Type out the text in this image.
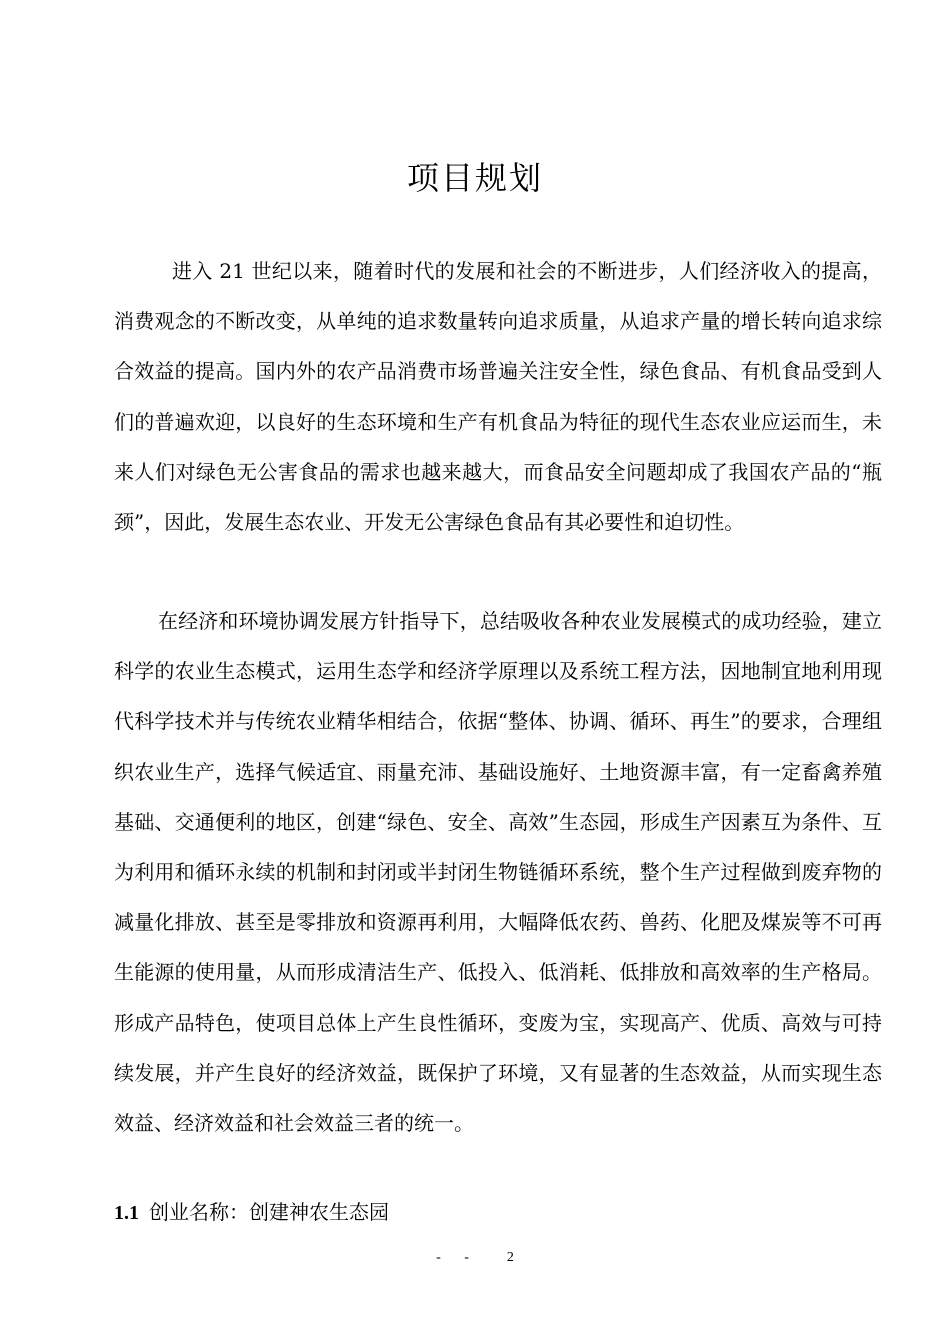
项目规划

进入 21 世纪以来，随着时代的发展和社会的不断进步，人们经济收入的提高，消费观念的不断改变，从单纯的追求数量转向追求质量，从追求产量的增长转向追求综合效益的提高。国内外的农产品消费市场普遍关注安全性，绿色食品、有机食品受到人们的普遍欢迎，以良好的生态环境和生产有机食品为特征的现代生态农业应运而生，未来人们对绿色无公害食品的需求也越来越大，而食品安全问题却成了我国农产品的“瓶颈”，因此，发展生态农业、开发无公害绿色食品有其必要性和迫切性。

在经济和环境协调发展方针指导下，总结吸收各种农业发展模式的成功经验，建立科学的农业生态模式，运用生态学和经济学原理以及系统工程方法，因地制宜地利用现代科学技术并与传统农业精华相结合，依据“整体、协调、循环、再生”的要求，合理组织农业生产，选择气候适宜、雨量充沛、基础设施好、土地资源丰富，有一定畜禽养殖基础、交通便利的地区，创建“绿色、安全、高效”生态园，形成生产因素互为条件、互为利用和循环永续的机制和封闭或半封闭生物链循环系统，整个生产过程做到废弃物的减量化排放、甚至是零排放和资源再利用，大幅降低农药、兽药、化肥及煤炭等不可再生能源的使用量，从而形成清洁生产、低投入、低消耗、低排放和高效率的生产格局。形成产品特色，使项目总体上产生良性循环，变废为宝，实现高产、优质、高效与可持续发展，并产生良好的经济效益，既保护了环境，又有显著的生态效益，从而实现生态效益、经济效益和社会效益三者的统一。

1.1 创业名称：创建神农生态园
- - 2
